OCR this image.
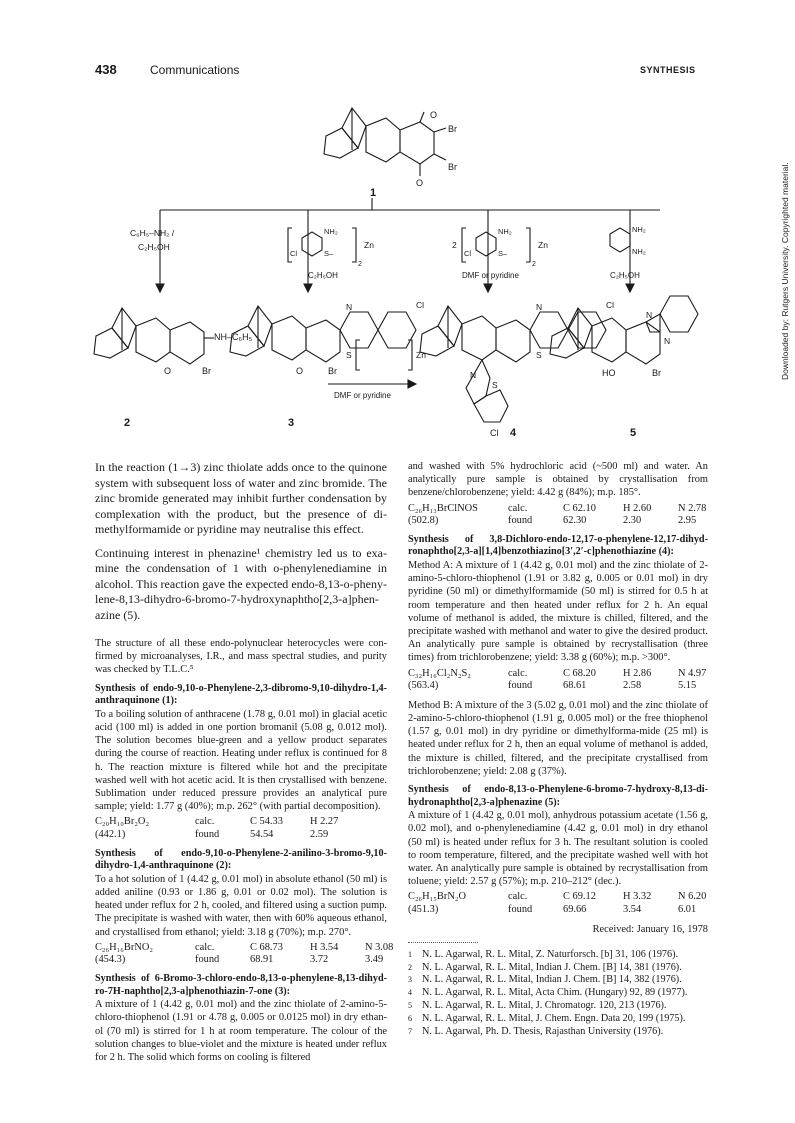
438	Communications	SYNTHESIS
Downloaded by: Rutgers University. Copyrighted material.
O
Br
Br
O
1
C₆H₅–NH₂ /
C₂H₅OH
NH₂
S–
Cl
2
Zn
C₂H₅OH
2
NH₂
S–
Cl
2
Zn
DMF or pyridine
NH₂
NH₂
C₂H₅OH
NH–C₆H₅
O	Br
2
N
S
Cl
O	Br
DMF or pyridine
Zn
3
N
S
Cl
N
S
Cl 4
N
N
HO	Br
5

In the reaction (1→3) zinc thiolate adds once to the quinone system with subsequent loss of water and zinc bromide. The zinc bromide generated may inhibit further condensation by complexation with the product, but the presence of di-methylformamide or pyridine may neutralise this effect.

Continuing interest in phenazine¹ chemistry led us to exa-mine the condensation of 1 with o-phenylenediamine in alcohol. This reaction gave the expected endo-8,13-o-pheny-lene-8,13-dihydro-6-bromo-7-hydroxynaphtho[2,3-a]phen-azine (5).

The structure of all these endo-polynuclear heterocycles were con-firmed by microanalyses, I.R., and mass spectral studies, and purity was checked by T.L.C.⁵

Synthesis of endo-9,10-o-Phenylene-2,3-dibromo-9,10-dihydro-1,4-anthraquinone (1):

To a boiling solution of anthracene (1.78 g, 0.01 mol) in glacial acetic acid (100 ml) is added in one portion bromanil (5.08 g, 0.012 mol). The solution becomes blue-green and a yellow product separates during the course of reaction. Heating under reflux is continued for 8 h. The reaction mixture is filtered while hot and the precipitate washed well with hot acetic acid. It is then crystallised with benzene. Sublimation under reduced pressure provides an analytical pure sample; yield: 1.77 g (40%); m.p. 262° (with partial decomposition).

C₂₀H₁₀Br₂O₂	calc.	C 54.33	H 2.27
(442.1)	found	54.54	2.59

Synthesis of endo-9,10-o-Phenylene-2-anilino-3-bromo-9,10-dihydro-1,4-anthraquinone (2):

To a hot solution of 1 (4.42 g, 0.01 mol) in absolute ethanol (50 ml) is added aniline (0.93 or 1.86 g, 0.01 or 0.02 mol). The solution is heated under reflux for 2 h, cooled, and filtered using a suction pump. The precipitate is washed with water, then with 60% aqueous ethanol, and crystallised from ethanol; yield: 3.18 g (70%); m.p. 270°.

C₂₆H₁₆BrNO₂	calc.	C 68.73	H 3.54	N 3.08
(454.3)	found	68.91	3.72	3.49

Synthesis of 6-Bromo-3-chloro-endo-8,13-o-phenylene-8,13-dihyd-ro-7H-naphtho[2,3-a]phenothiazin-7-one (3):

A mixture of 1 (4.42 g, 0.01 mol) and the zinc thiolate of 2-amino-5-chloro-thiophenol (1.91 or 4.78 g, 0.005 or 0.0125 mol) in dry ethan-ol (70 ml) is stirred for 1 h at room temperature. The colour of the solution changes to blue-violet and the mixture is heated under reflux for 2 h. The solid which forms on cooling is filtered

and washed with 5% hydrochloric acid (~500 ml) and water. An analytically pure sample is obtained by crystallisation from benzene/chlorobenzene; yield: 4.42 g (84%); m.p. 185°.

C₂₆H₁₃BrClNOS	calc.	C 62.10	H 2.60	N 2.78
(502.8)	found	62.30	2.30	2.95

Synthesis of 3,8-Dichloro-endo-12,17-o-phenylene-12,17-dihyd-ronaphtho[2,3-a][1,4]benzothiazino[3′,2′-c]phenothiazine (4):

Method A: A mixture of 1 (4.42 g, 0.01 mol) and the zinc thiolate of 2-amino-5-chloro-thiophenol (1.91 or 3.82 g, 0.005 or 0.01 mol) in dry pyridine (50 ml) or dimethylformamide (50 ml) is stirred for 0.5 h at room temperature and then heated under reflux for 2 h. An equal volume of methanol is added, the mixture is chilled, filtered, and the precipitate washed with methanol and water to give the desired product. An analytically pure sample is obtained by recrystallisation (three times) from trichlorobenzene; yield: 3.38 g (60%); m.p. >300°.

C₃₂H₁₆Cl₂N₂S₂	calc.	C 68.20	H 2.86	N 4.97
(563.4)	found	68.61	2.58	5.15

Method B: A mixture of the 3 (5.02 g, 0.01 mol) and the zinc thiolate of 2-amino-5-chloro-thiophenol (1.91 g, 0.005 mol) or the free thiophenol (1.57 g, 0.01 mol) in dry pyridine or dimethylforma-mide (25 ml) is heated under reflux for 2 h, then an equal volume of methanol is added, the mixture is chilled, filtered, and the precipitate crystallised from trichlorobenzene; yield: 2.08 g (37%).

Synthesis of endo-8,13-o-Phenylene-6-bromo-7-hydroxy-8,13-di-hydronaphtho[2,3-a]phenazine (5):

A mixture of 1 (4.42 g, 0.01 mol), anhydrous potassium acetate (1.56 g, 0.02 mol), and o-phenylenediamine (4.42 g, 0.01 mol) in dry ethanol (50 ml) is heated under reflux for 3 h. The resultant solution is cooled to room temperature, filtered, and the precipitate washed well with hot water. An analytically pure sample is obtained by recrystallisation from toluene; yield: 2.57 g (57%); m.p. 210–212° (dec.).

C₂₆H₁₅BrN₂O	calc.	C 69.12	H 3.32	N 6.20
(451.3)	found	69.66	3.54	6.01

Received: January 16, 1978

1 N. L. Agarwal, R. L. Mital, Z. Naturforsch. [b] 31, 106 (1976).
2 N. L. Agarwal, R. L. Mital, Indian J. Chem. [B] 14, 381 (1976).
3 N. L. Agarwal, R. L. Mital, Indian J. Chem. [B] 14, 382 (1976).
4 N. L. Agarwal, R. L. Mital, Acta Chim. (Hungary) 92, 89 (1977).
5 N. L. Agarwal, R. L. Mital, J. Chromatogr. 120, 213 (1976).
6 N. L. Agarwal, R. L. Mital, J. Chem. Engn. Data 20, 199 (1975).
7 N. L. Agarwal, Ph. D. Thesis, Rajasthan University (1976).
